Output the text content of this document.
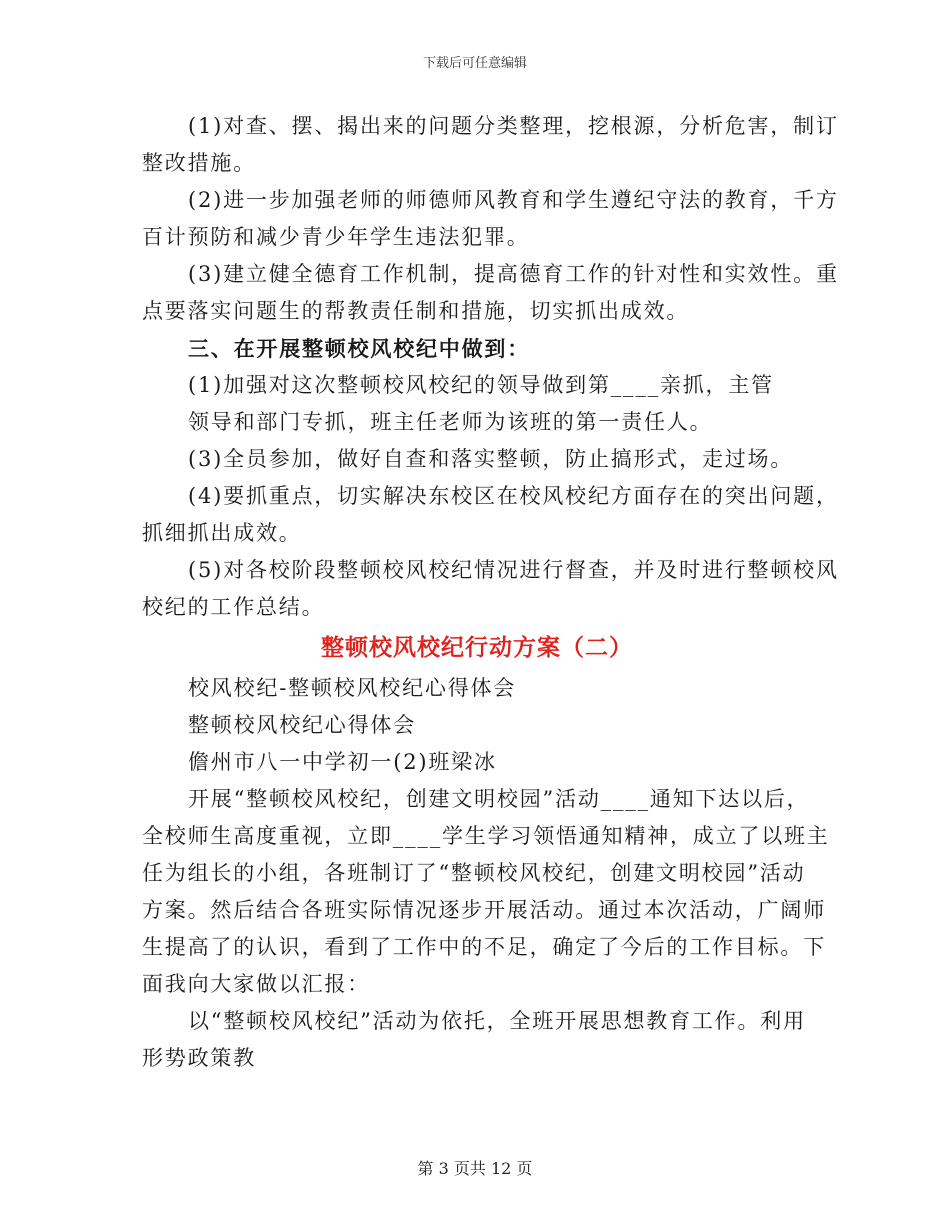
下载后可任意编辑
(1)对查、摆、揭出来的问题分类整理，挖根源，分析危害，制订
整改措施。
(2)进一步加强老师的师德师风教育和学生遵纪守法的教育，千方
百计预防和减少青少年学生违法犯罪。
(3)建立健全德育工作机制，提高德育工作的针对性和实效性。重
点要落实问题生的帮教责任制和措施，切实抓出成效。
三、在开展整顿校风校纪中做到：
(1)加强对这次整顿校风校纪的领导做到第____亲抓，主管
领导和部门专抓，班主任老师为该班的第一责任人。
(3)全员参加，做好自查和落实整顿，防止搞形式，走过场。
(4)要抓重点，切实解决东校区在校风校纪方面存在的突出问题，
抓细抓出成效。
(5)对各校阶段整顿校风校纪情况进行督查，并及时进行整顿校风
校纪的工作总结。
整顿校风校纪行动方案（二）
校风校纪-整顿校风校纪心得体会
整顿校风校纪心得体会
儋州市八一中学初一(2)班梁冰
开展“整顿校风校纪，创建文明校园”活动____通知下达以后，
全校师生高度重视，立即____学生学习领悟通知精神，成立了以班主
任为组长的小组，各班制订了“整顿校风校纪，创建文明校园”活动
方案。然后结合各班实际情况逐步开展活动。通过本次活动，广阔师
生提高了的认识，看到了工作中的不足，确定了今后的工作目标。下
面我向大家做以汇报：
以“整顿校风校纪”活动为依托，全班开展思想教育工作。利用
形势政策教
第 3 页共 12 页
